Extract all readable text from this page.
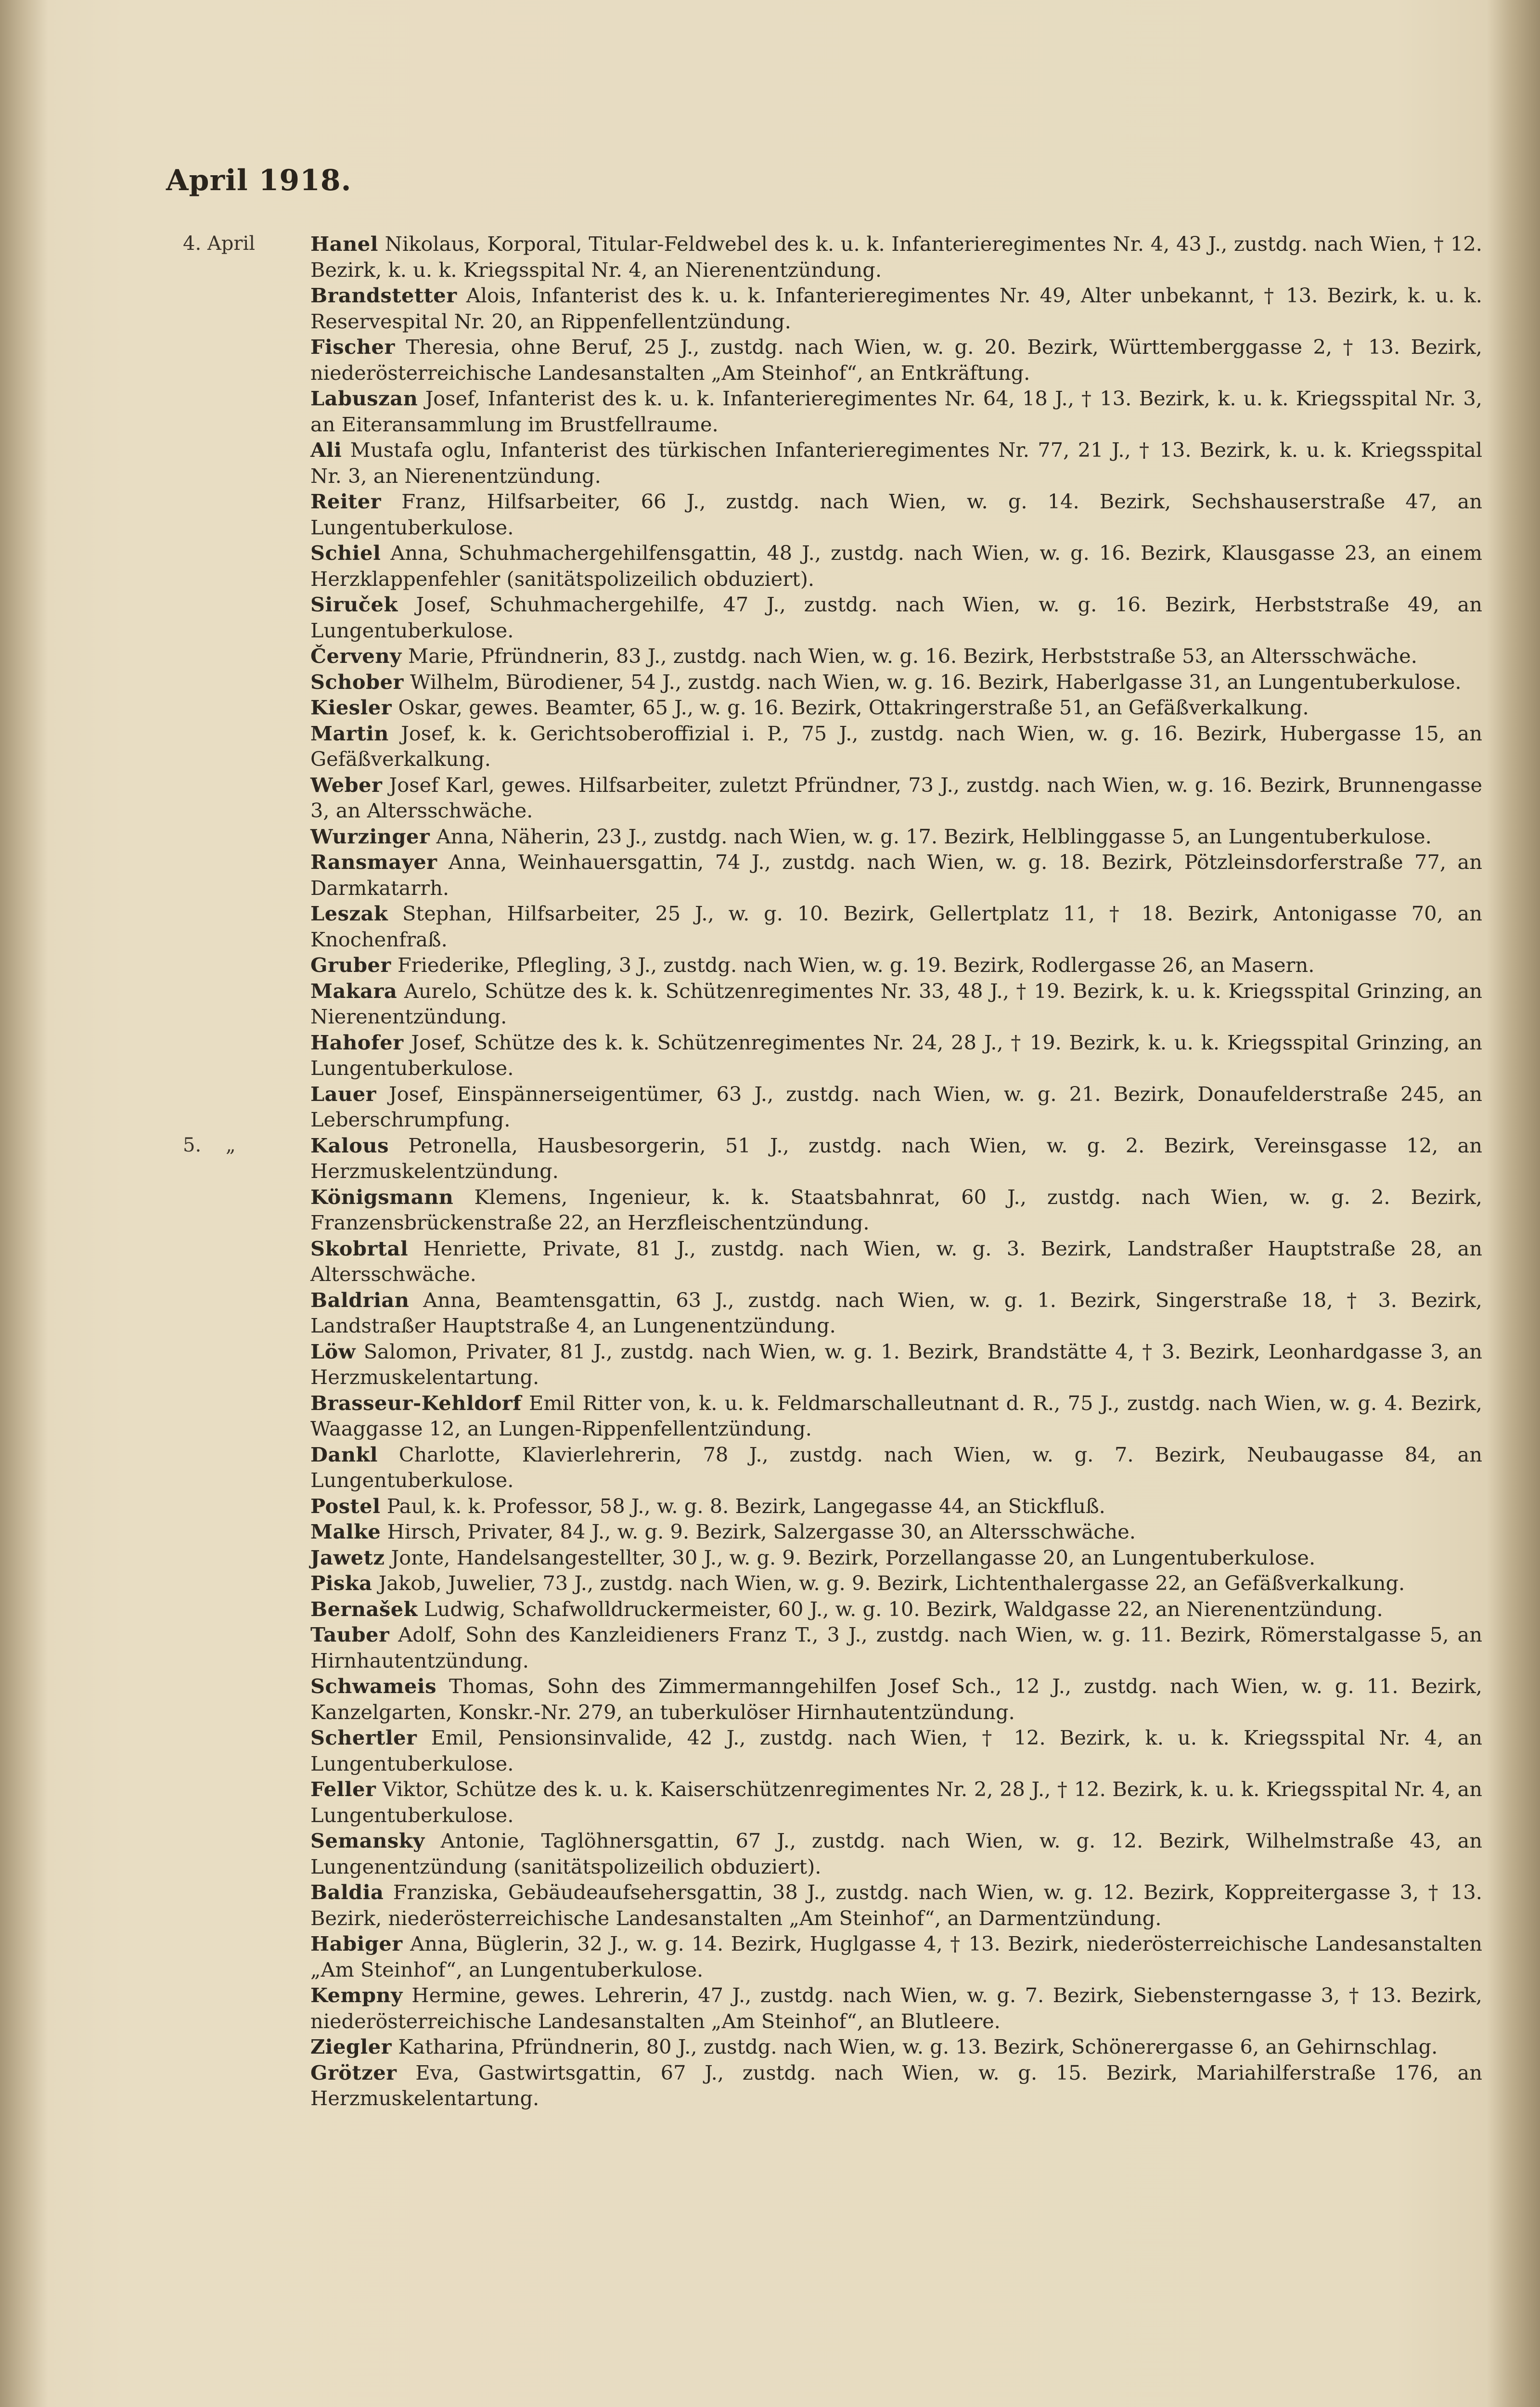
April 1918.
4. April	Hanel Nikolaus, Korporal, Titular-Feldwebel des k. u. k. Infanterieregimentes Nr. 4, 43 J., zustdg. nach Wien, † 12. Bezirk, k. u. k. Kriegsspital Nr. 4, an Nierenentzündung.
Brandstetter Alois, Infanterist des k. u. k. Infanterieregimentes Nr. 49, Alter unbekannt, † 13. Bezirk, k. u. k. Reservespital Nr. 20, an Rippenfellentzündung.
Fischer Theresia, ohne Beruf, 25 J., zustdg. nach Wien, w. g. 20. Bezirk, Württemberggasse 2, † 13. Bezirk, niederösterreichische Landesanstalten „Am Steinhof“, an Entkräftung.
Labuszan Josef, Infanterist des k. u. k. Infanterieregimentes Nr. 64, 18 J., † 13. Bezirk, k. u. k. Kriegsspital Nr. 3, an Eiteransammlung im Brustfellraume.
Ali Mustafa oglu, Infanterist des türkischen Infanterieregimentes Nr. 77, 21 J., † 13. Bezirk, k. u. k. Kriegsspital Nr. 3, an Nierenentzündung.
Reiter Franz, Hilfsarbeiter, 66 J., zustdg. nach Wien, w. g. 14. Bezirk, Sechshauserstraße 47, an Lungentuberkulose.
Schiel Anna, Schuhmachergehilfensgattin, 48 J., zustdg. nach Wien, w. g. 16. Bezirk, Klausgasse 23, an einem Herzklappenfehler (sanitätspolizeilich obduziert).
Siruček Josef, Schuhmachergehilfe, 47 J., zustdg. nach Wien, w. g. 16. Bezirk, Herbststraße 49, an Lungentuberkulose.
Červeny Marie, Pfründnerin, 83 J., zustdg. nach Wien, w. g. 16. Bezirk, Herbststraße 53, an Altersschwäche.
Schober Wilhelm, Bürodiener, 54 J., zustdg. nach Wien, w. g. 16. Bezirk, Haberlgasse 31, an Lungentuberkulose.
Kiesler Oskar, gewes. Beamter, 65 J., w. g. 16. Bezirk, Ottakringerstraße 51, an Gefäßverkalkung.
Martin Josef, k. k. Gerichtsoberoffizial i. P., 75 J., zustdg. nach Wien, w. g. 16. Bezirk, Hubergasse 15, an Gefäßverkalkung.
Weber Josef Karl, gewes. Hilfsarbeiter, zuletzt Pfründner, 73 J., zustdg. nach Wien, w. g. 16. Bezirk, Brunnengasse 3, an Altersschwäche.
Wurzinger Anna, Näherin, 23 J., zustdg. nach Wien, w. g. 17. Bezirk, Helblinggasse 5, an Lungentuberkulose.
Ransmayer Anna, Weinhauersgattin, 74 J., zustdg. nach Wien, w. g. 18. Bezirk, Pötzleinsdorferstraße 77, an Darmkatarrh.
Leszak Stephan, Hilfsarbeiter, 25 J., w. g. 10. Bezirk, Gellertplatz 11, † 18. Bezirk, Antonigasse 70, an Knochenfraß.
Gruber Friederike, Pflegling, 3 J., zustdg. nach Wien, w. g. 19. Bezirk, Rodlergasse 26, an Masern.
Makara Aurelo, Schütze des k. k. Schützenregimentes Nr. 33, 48 J., † 19. Bezirk, k. u. k. Kriegsspital Grinzing, an Nierenentzündung.
Hahofer Josef, Schütze des k. k. Schützenregimentes Nr. 24, 28 J., † 19. Bezirk, k. u. k. Kriegsspital Grinzing, an Lungentuberkulose.
Lauer Josef, Einspännerseigentümer, 63 J., zustdg. nach Wien, w. g. 21. Bezirk, Donaufelderstraße 245, an Leberschrumpfung.
5.    „	Kalous Petronella, Hausbesorgerin, 51 J., zustdg. nach Wien, w. g. 2. Bezirk, Vereinsgasse 12, an Herzmuskelentzündung.
Königsmann Klemens, Ingenieur, k. k. Staatsbahnrat, 60 J., zustdg. nach Wien, w. g. 2. Bezirk, Franzensbrückenstraße 22, an Herzfleischentzündung.
Skobrtal Henriette, Private, 81 J., zustdg. nach Wien, w. g. 3. Bezirk, Landstraßer Hauptstraße 28, an Altersschwäche.
Baldrian Anna, Beamtensgattin, 63 J., zustdg. nach Wien, w. g. 1. Bezirk, Singerstraße 18, † 3. Bezirk, Landstraßer Hauptstraße 4, an Lungenentzündung.
Löw Salomon, Privater, 81 J., zustdg. nach Wien, w. g. 1. Bezirk, Brandstätte 4, † 3. Bezirk, Leonhardgasse 3, an Herzmuskelentartung.
Brasseur-Kehldorf Emil Ritter von, k. u. k. Feldmarschalleutnant d. R., 75 J., zustdg. nach Wien, w. g. 4. Bezirk, Waaggasse 12, an Lungen-Rippenfellentzündung.
Dankl Charlotte, Klavierlehrerin, 78 J., zustdg. nach Wien, w. g. 7. Bezirk, Neubaugasse 84, an Lungentuberkulose.
Postel Paul, k. k. Professor, 58 J., w. g. 8. Bezirk, Langegasse 44, an Stickfluß.
Malke Hirsch, Privater, 84 J., w. g. 9. Bezirk, Salzergasse 30, an Altersschwäche.
Jawetz Jonte, Handelsangestellter, 30 J., w. g. 9. Bezirk, Porzellangasse 20, an Lungentuberkulose.
Piska Jakob, Juwelier, 73 J., zustdg. nach Wien, w. g. 9. Bezirk, Lichtenthalergasse 22, an Gefäßverkalkung.
Bernašek Ludwig, Schafwolldruckermeister, 60 J., w. g. 10. Bezirk, Waldgasse 22, an Nierenentzündung.
Tauber Adolf, Sohn des Kanzleidieners Franz T., 3 J., zustdg. nach Wien, w. g. 11. Bezirk, Römerstalgasse 5, an Hirnhautentzündung.
Schwameis Thomas, Sohn des Zimmermanngehilfen Josef Sch., 12 J., zustdg. nach Wien, w. g. 11. Bezirk, Kanzelgarten, Konskr.-Nr. 279, an tuberkulöser Hirnhautentzündung.
Schertler Emil, Pensionsinvalide, 42 J., zustdg. nach Wien, † 12. Bezirk, k. u. k. Kriegsspital Nr. 4, an Lungentuberkulose.
Feller Viktor, Schütze des k. u. k. Kaiserschützenregimentes Nr. 2, 28 J., † 12. Bezirk, k. u. k. Kriegsspital Nr. 4, an Lungentuberkulose.
Semansky Antonie, Taglöhnersgattin, 67 J., zustdg. nach Wien, w. g. 12. Bezirk, Wilhelmstraße 43, an Lungenentzündung (sanitätspolizeilich obduziert).
Baldia Franziska, Gebäudeaufsehersgattin, 38 J., zustdg. nach Wien, w. g. 12. Bezirk, Koppreitergasse 3, † 13. Bezirk, niederösterreichische Landesanstalten „Am Steinhof“, an Darmentzündung.
Habiger Anna, Büglerin, 32 J., w. g. 14. Bezirk, Huglgasse 4, † 13. Bezirk, niederösterreichische Landesanstalten „Am Steinhof“, an Lungentuberkulose.
Kempny Hermine, gewes. Lehrerin, 47 J., zustdg. nach Wien, w. g. 7. Bezirk, Siebensterngasse 3, † 13. Bezirk, niederösterreichische Landesanstalten „Am Steinhof“, an Blutleere.
Ziegler Katharina, Pfründnerin, 80 J., zustdg. nach Wien, w. g. 13. Bezirk, Schönerergasse 6, an Gehirnschlag.
Grötzer Eva, Gastwirtsgattin, 67 J., zustdg. nach Wien, w. g. 15. Bezirk, Mariahilferstraße 176, an Herzmuskelentartung.
